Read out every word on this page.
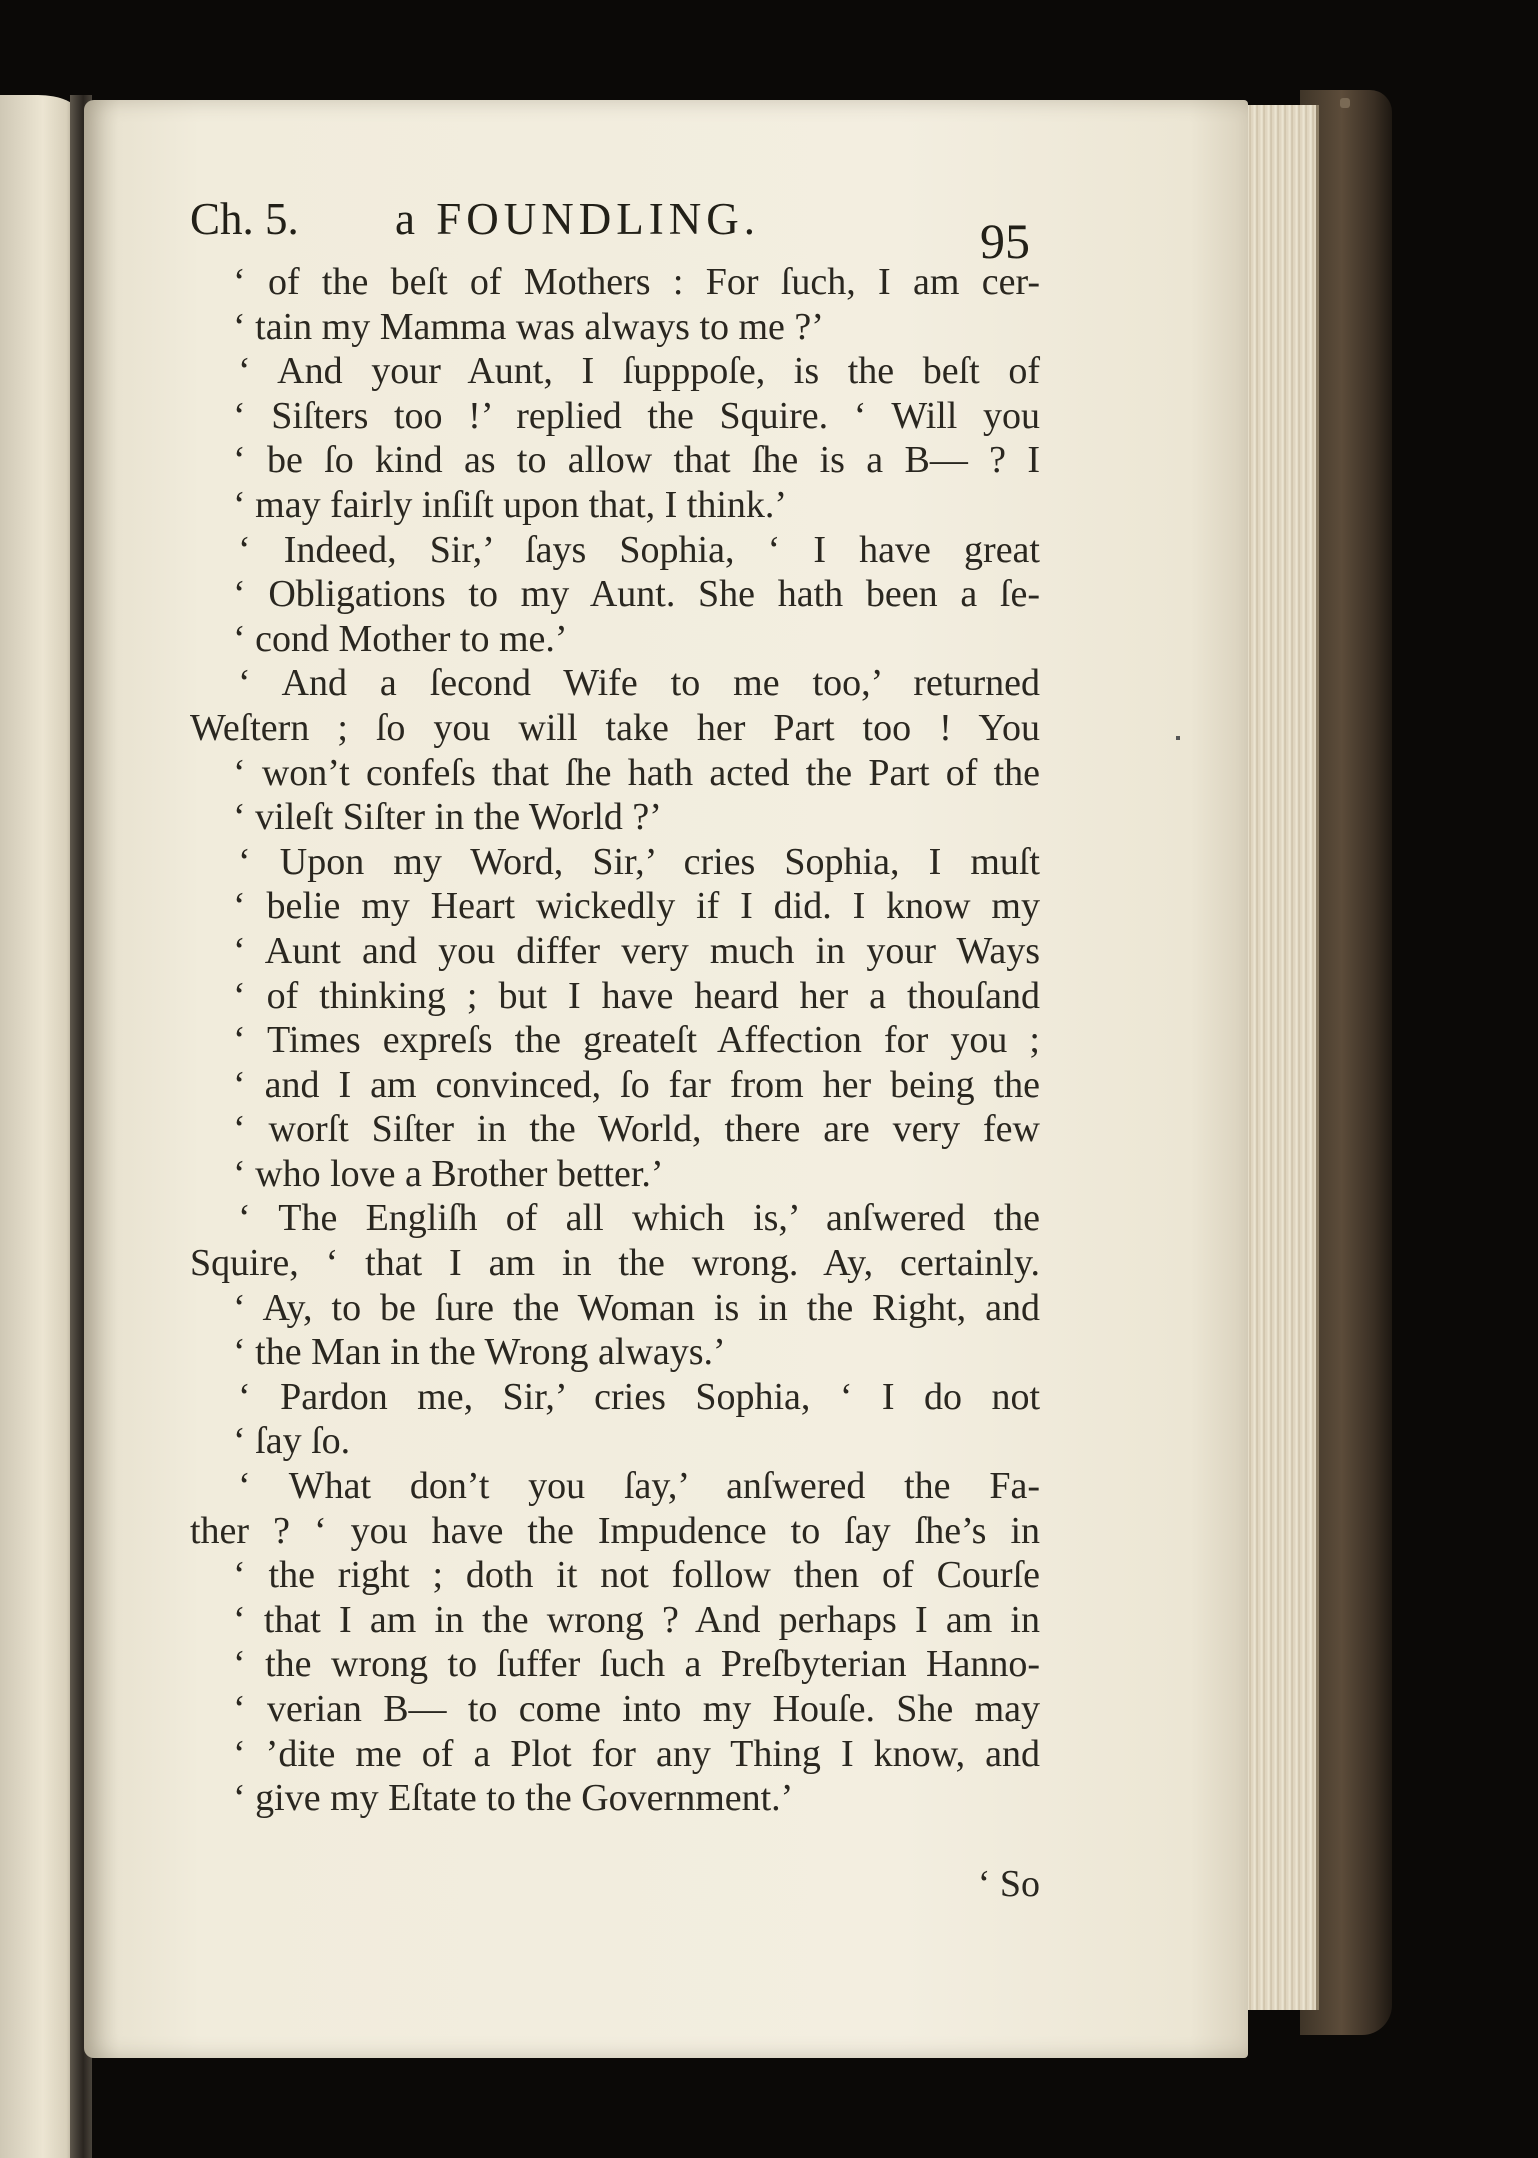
Ch. 5. a FOUNDLING.	95
‘ of the beſt of Mothers : For ſuch, I am cer-
‘ tain my Mamma was always to me ?’
‘ And your Aunt, I ſupppoſe, is the beſt of
‘ Siſters too !’ replied the Squire. ‘ Will you
‘ be ſo kind as to allow that ſhe is a B— ? I
‘ may fairly inſiſt upon that, I think.’
‘ Indeed, Sir,’ ſays Sophia, ‘ I have great
‘ Obligations to my Aunt. She hath been a ſe-
‘ cond Mother to me.’
‘ And a ſecond Wife to me too,’ returned
Weſtern ; ſo you will take her Part too ! You
‘ won’t confeſs that ſhe hath acted the Part of the
‘ vileſt Siſter in the World ?’
‘ Upon my Word, Sir,’ cries Sophia, I muſt
‘ belie my Heart wickedly if I did. I know my
‘ Aunt and you differ very much in your Ways
‘ of thinking ; but I have heard her a thouſand
‘ Times expreſs the greateſt Affection for you ;
‘ and I am convinced, ſo far from her being the
‘ worſt Siſter in the World, there are very few
‘ who love a Brother better.’
‘ The Engliſh of all which is,’ anſwered the
Squire, ‘ that I am in the wrong. Ay, certainly.
‘ Ay, to be ſure the Woman is in the Right, and
‘ the Man in the Wrong always.’
‘ Pardon me, Sir,’ cries Sophia, ‘ I do not
‘ ſay ſo.
‘ What don’t you ſay,’ anſwered the Fa-
ther ? ‘ you have the Impudence to ſay ſhe’s in
‘ the right ; doth it not follow then of Courſe
‘ that I am in the wrong ? And perhaps I am in
‘ the wrong to ſuffer ſuch a Preſbyterian Hanno-
‘ verian B— to come into my Houſe. She may
‘ ’dite me of a Plot for any Thing I know, and
‘ give my Eſtate to the Government.’
‘ So
